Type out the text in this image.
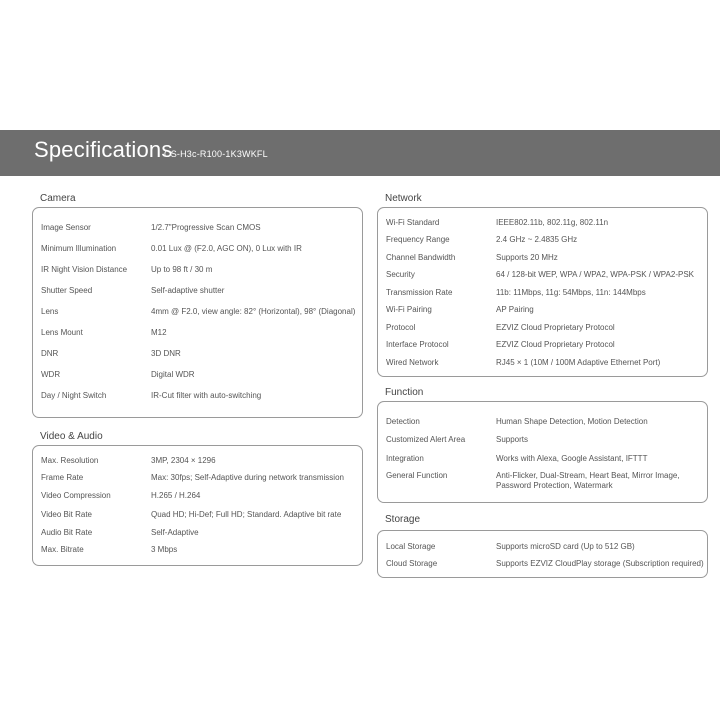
Specifications
CS-H3c-R100-1K3WKFL
Camera
Image Sensor	1/2.7"Progressive Scan CMOS
Minimum Illumination	0.01 Lux @ (F2.0, AGC ON), 0 Lux with IR
IR Night Vision Distance	Up to 98 ft / 30 m
Shutter Speed	Self-adaptive shutter
Lens	4mm @ F2.0, view angle: 82° (Horizontal), 98° (Diagonal)
Lens Mount	M12
DNR	3D DNR
WDR	Digital WDR
Day / Night Switch	IR-Cut filter with auto-switching
Video & Audio
Max. Resolution	3MP, 2304 × 1296
Frame Rate	Max: 30fps; Self-Adaptive during network transmission
Video Compression	H.265 / H.264
Video Bit Rate	Quad HD; Hi-Def; Full HD; Standard. Adaptive bit rate
Audio Bit Rate	Self-Adaptive
Max. Bitrate	3 Mbps
Network
Wi-Fi Standard	IEEE802.11b, 802.11g, 802.11n
Frequency Range	2.4 GHz ~ 2.4835 GHz
Channel Bandwidth	Supports 20 MHz
Security	64 / 128-bit WEP, WPA / WPA2, WPA-PSK / WPA2-PSK
Transmission Rate	11b: 11Mbps, 11g: 54Mbps, 11n: 144Mbps
Wi-Fi Pairing	AP Pairing
Protocol	EZVIZ Cloud Proprietary Protocol
Interface Protocol	EZVIZ Cloud Proprietary Protocol
Wired Network	RJ45 × 1 (10M / 100M Adaptive Ethernet Port)
Function
Detection	Human Shape Detection, Motion Detection
Customized Alert Area	Supports
Integration	Works with Alexa, Google Assistant, IFTTT
General Function	Anti-Flicker, Dual-Stream, Heart Beat, Mirror Image,
Password Protection, Watermark
Storage
Local Storage	Supports microSD card (Up to 512 GB)
Cloud Storage	Supports EZVIZ CloudPlay storage (Subscription required)
